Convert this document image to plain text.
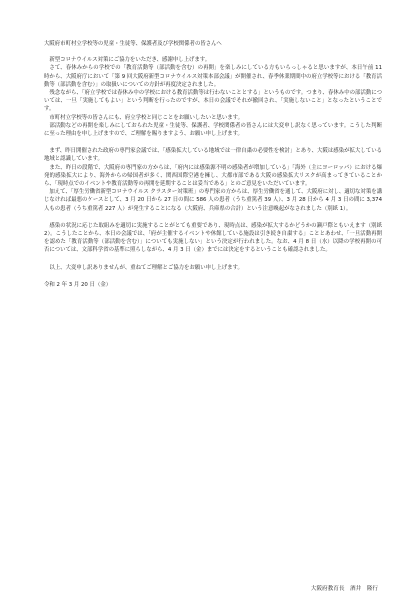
大阪府市町村立学校等の児童・生徒等、保護者及び学校関係者の皆さんへ

新型コロナウイルス対策にご協力をいただき、感謝申し上げます。

さて、春休みからの学校での「教育活動等（部活動を含む）の再開」を楽しみにしている方もいらっしゃると思いますが、本日午前 11 時から、大阪府庁において「第 9 回大阪府新型コロナウイルス対策本部会議」が開催され、春季休業期間中の府立学校等における「教育活動等（部活動を含む）」の取扱いについての方針が再度決定されました。

残念ながら、「府立学校では春休み中の学校における教育活動等は行わないこととする」というものです。つまり、春休み中の部活動については、一旦「実施してもよい」という判断を行ったのですが、本日の会議でそれが撤回され、「実施しないこと」となったということです。

市町村立学校等の皆さんにも、府立学校と同じことをお願いしたいと思います。

部活動などの再開を楽しみにしておられた児童・生徒等、保護者、学校関係者の皆さんには大変申し訳なく思っています。こうした判断に至った理由を申し上げますので、ご理解を賜りますよう、お願い申し上げます。

まず、昨日開催された政府の専門家会議では、「感染拡大している地域では一律自粛の必要性を検討」とあり、大阪は感染が拡大している地域と認識しています。

また、昨日の段階で、大阪府の専門家の方からは、「府内には感染源不明の感染者が増加している」「海外（主にヨーロッパ）における爆発的感染拡大により、海外からの帰国者が多く、関西国際空港を擁し、大都市部である大阪の感染拡大リスクが高まってきていることから、「現時点でのイベントや教育活動等の再開を延期することは妥当である」とのご意見をいただいています。

加えて、「厚生労働省新型コロナウイルス クラスター対策班」の専門家の方からは、厚生労働省を通して、大阪府に対し、適切な対策を講じなければ最悪のケースとして、3 月 20 日から 27 日の間に 586 人の患者（うち重篤者 39 人）、3 月 28 日から 4 月 3 日の間に 3,374 人もの患者（うち重篤者 227 人）が発生することになる（大阪府、兵庫県の合計）という注意喚起がなされました（別紙 1）。

感染の状況に応じた取組みを適切に実施することがとても重要であり、現時点は、感染が拡大するかどうかの瀬戸際ともいえます（別紙 2）。こうしたことから、本日の会議では、「府が主催するイベントや休館している施設は引き続き自粛する」こととあわせ、「一旦活動再開を認めた「教育活動等（部活動を含む）」についても実施しない」という決定が行われました。なお、4 月 8 日（水）以降の学校再開の可否については、文部科学省の基準に照らしながら、4 月 3 日（金）までには決定をするということも確認されました。

以上、大変申し訳ありませんが、重ねてご理解とご協力をお願い申し上げます。

令和 2 年 3 月 20 日（金）

大阪府教育長　酒井　隆行
